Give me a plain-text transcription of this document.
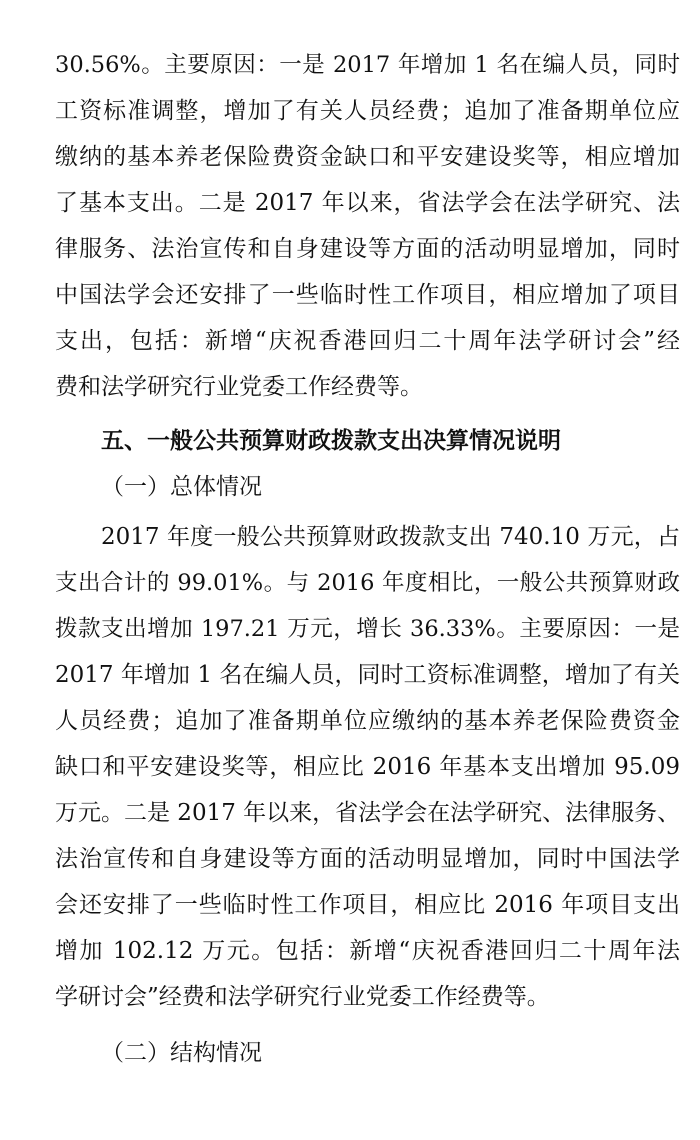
30.56%。主要原因：一是 2017 年增加 1 名在编人员，同时
工资标准调整，增加了有关人员经费；追加了准备期单位应
缴纳的基本养老保险费资金缺口和平安建设奖等，相应增加
了基本支出。二是 2017 年以来，省法学会在法学研究、法
律服务、法治宣传和自身建设等方面的活动明显增加，同时
中国法学会还安排了一些临时性工作项目，相应增加了项目
支出，包括：新增“庆祝香港回归二十周年法学研讨会”经
费和法学研究行业党委工作经费等。
五、一般公共预算财政拨款支出决算情况说明
（一）总体情况
2017 年度一般公共预算财政拨款支出 740.10 万元，占
支出合计的 99.01%。与 2016 年度相比，一般公共预算财政
拨款支出增加 197.21 万元，增长 36.33%。主要原因：一是
2017 年增加 1 名在编人员，同时工资标准调整，增加了有关
人员经费；追加了准备期单位应缴纳的基本养老保险费资金
缺口和平安建设奖等，相应比 2016 年基本支出增加 95.09
万元。二是 2017 年以来，省法学会在法学研究、法律服务、
法治宣传和自身建设等方面的活动明显增加，同时中国法学
会还安排了一些临时性工作项目，相应比 2016 年项目支出
增加 102.12 万元。包括：新增“庆祝香港回归二十周年法
学研讨会”经费和法学研究行业党委工作经费等。
（二）结构情况
